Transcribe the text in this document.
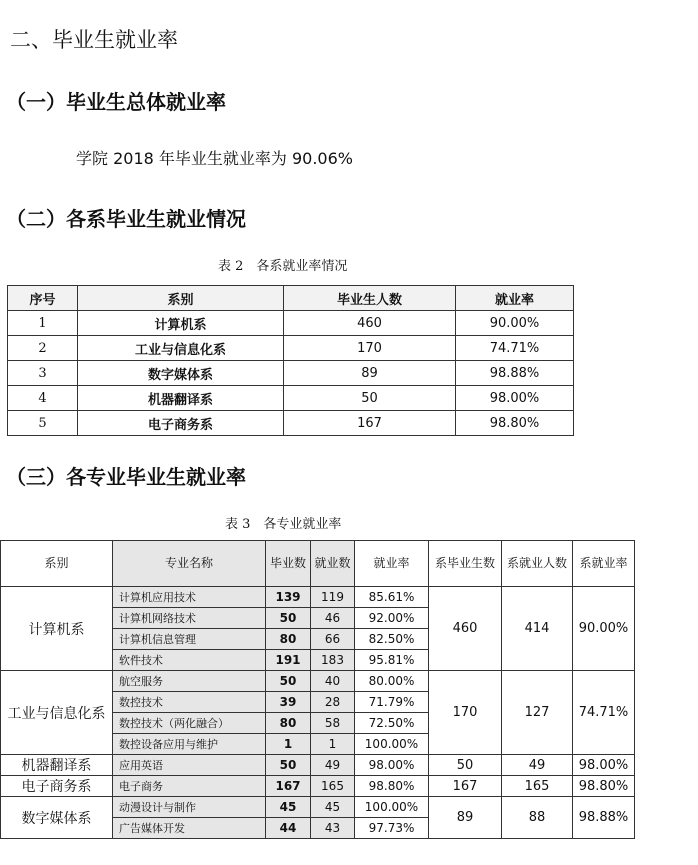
二、毕业生就业率
（一）毕业生总体就业率
学院 2018 年毕业生就业率为 90.06%
（二）各系毕业生就业情况
表 2　各系就业率情况
序号	系别	毕业生人数	就业率
1	计算机系	460	90.00%
2	工业与信息化系	170	74.71%
3	数字媒体系	89	98.88%
4	机器翻译系	50	98.00%
5	电子商务系	167	98.80%
（三）各专业毕业生就业率
表 3　各专业就业率
系别	专业名称	毕业数	就业数	就业率	系毕业生数	系就业人数	系就业率
计算机系	计算机应用技术	139	119	85.61%	460	414	90.00%
	计算机网络技术	50	46	92.00%			
	计算机信息管理	80	66	82.50%			
	软件技术	191	183	95.81%			
工业与信息化系	航空服务	50	40	80.00%	170	127	74.71%
	数控技术	39	28	71.79%			
	数控技术（两化融合）	80	58	72.50%			
	数控设备应用与维护	1	1	100.00%			
机器翻译系	应用英语	50	49	98.00%	50	49	98.00%
电子商务系	电子商务	167	165	98.80%	167	165	98.80%
数字媒体系	动漫设计与制作	45	45	100.00%	89	88	98.88%
	广告媒体开发	44	43	97.73%			
